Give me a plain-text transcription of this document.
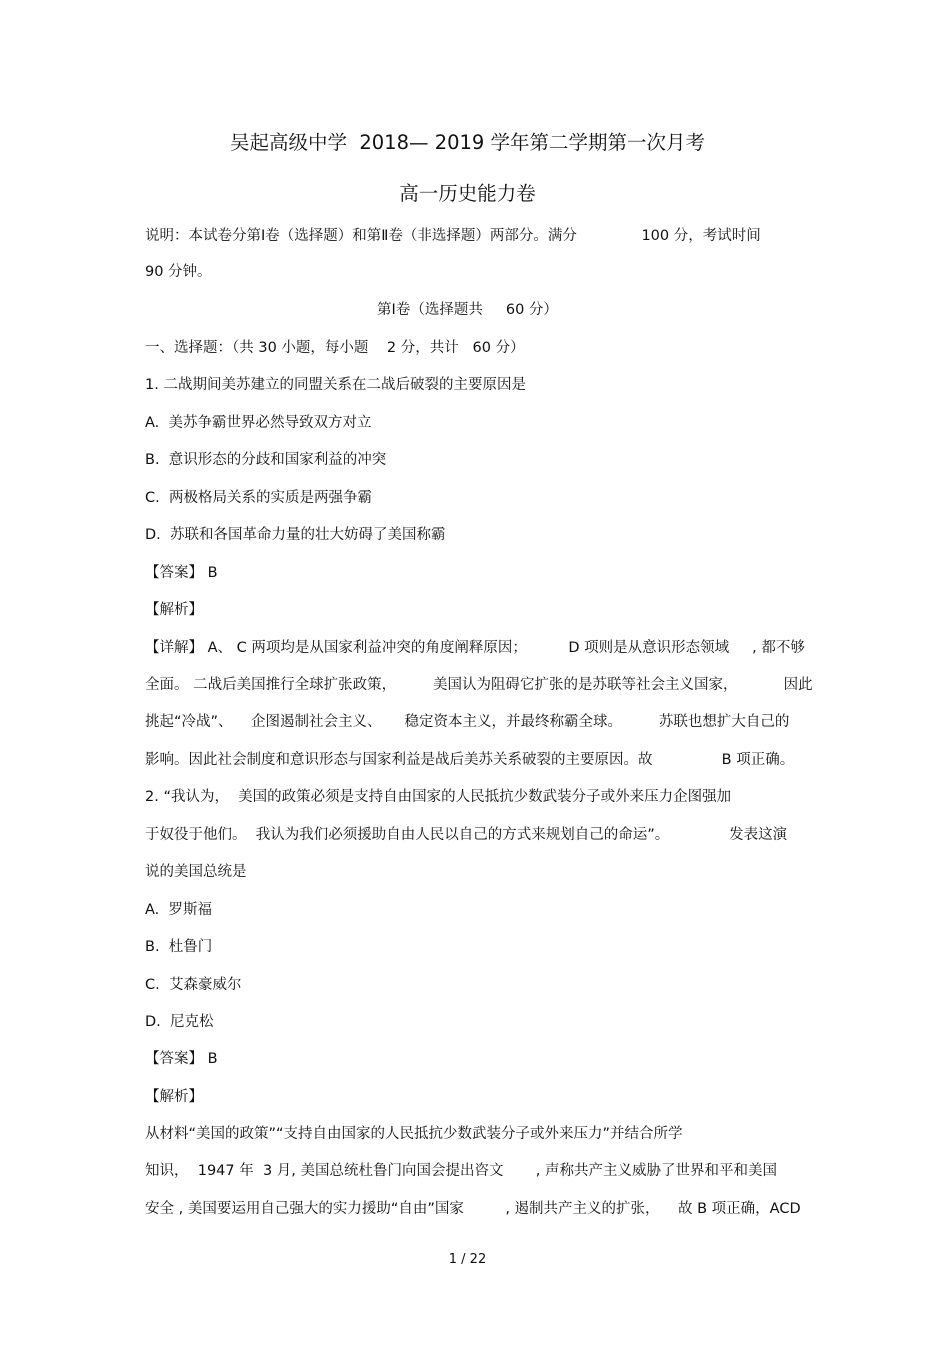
吴起高级中学  2018— 2019 学年第二学期第一次月考
高一历史能力卷
说明：本试卷分第Ⅰ卷（选择题）和第Ⅱ卷（非选择题）两部分。满分              100 分，考试时间
90 分钟。
第Ⅰ卷（选择题共     60 分）
一、选择题：（共 30 小题，每小题    2 分，共计   60 分）
1. 二战期间美苏建立的同盟关系在二战后破裂的主要原因是
A.  美苏争霸世界必然导致双方对立
B.  意识形态的分歧和国家利益的冲突
C.  两极格局关系的实质是两强争霸
D.  苏联和各国革命力量的壮大妨碍了美国称霸
【答案】 B
【解析】
【详解】 A、 C 两项均是从国家利益冲突的角度阐释原因；         D 项则是从意识形态领域     , 都不够
全面。 二战后美国推行全球扩张政策，        美国认为阻碍它扩张的是苏联等社会主义国家，          因此
挑起“冷战”、    企图遏制社会主义、     稳定资本主义，并最终称霸全球。        苏联也想扩大自己的
影响。因此社会制度和意识形态与国家利益是战后美苏关系破裂的主要原因。故               B 项正确。
2. “我认为，  美国的政策必须是支持自由国家的人民抵抗少数武装分子或外来压力企图强加
于奴役于他们。  我认为我们必须援助自由人民以自己的方式来规划自己的命运”。             发表这演
说的美国总统是
A.  罗斯福
B.  杜鲁门
C.  艾森豪威尔
D.  尼克松
【答案】 B
【解析】
从材料“美国的政策”“支持自由国家的人民抵抗少数武装分子或外来压力”并结合所学
知识，  1947 年  3 月, 美国总统杜鲁门向国会提出咨文       , 声称共产主义威胁了世界和平和美国
安全 , 美国要运用自己强大的实力援助“自由”国家         , 遏制共产主义的扩张，    故 B 项正确，ACD
1 / 22
